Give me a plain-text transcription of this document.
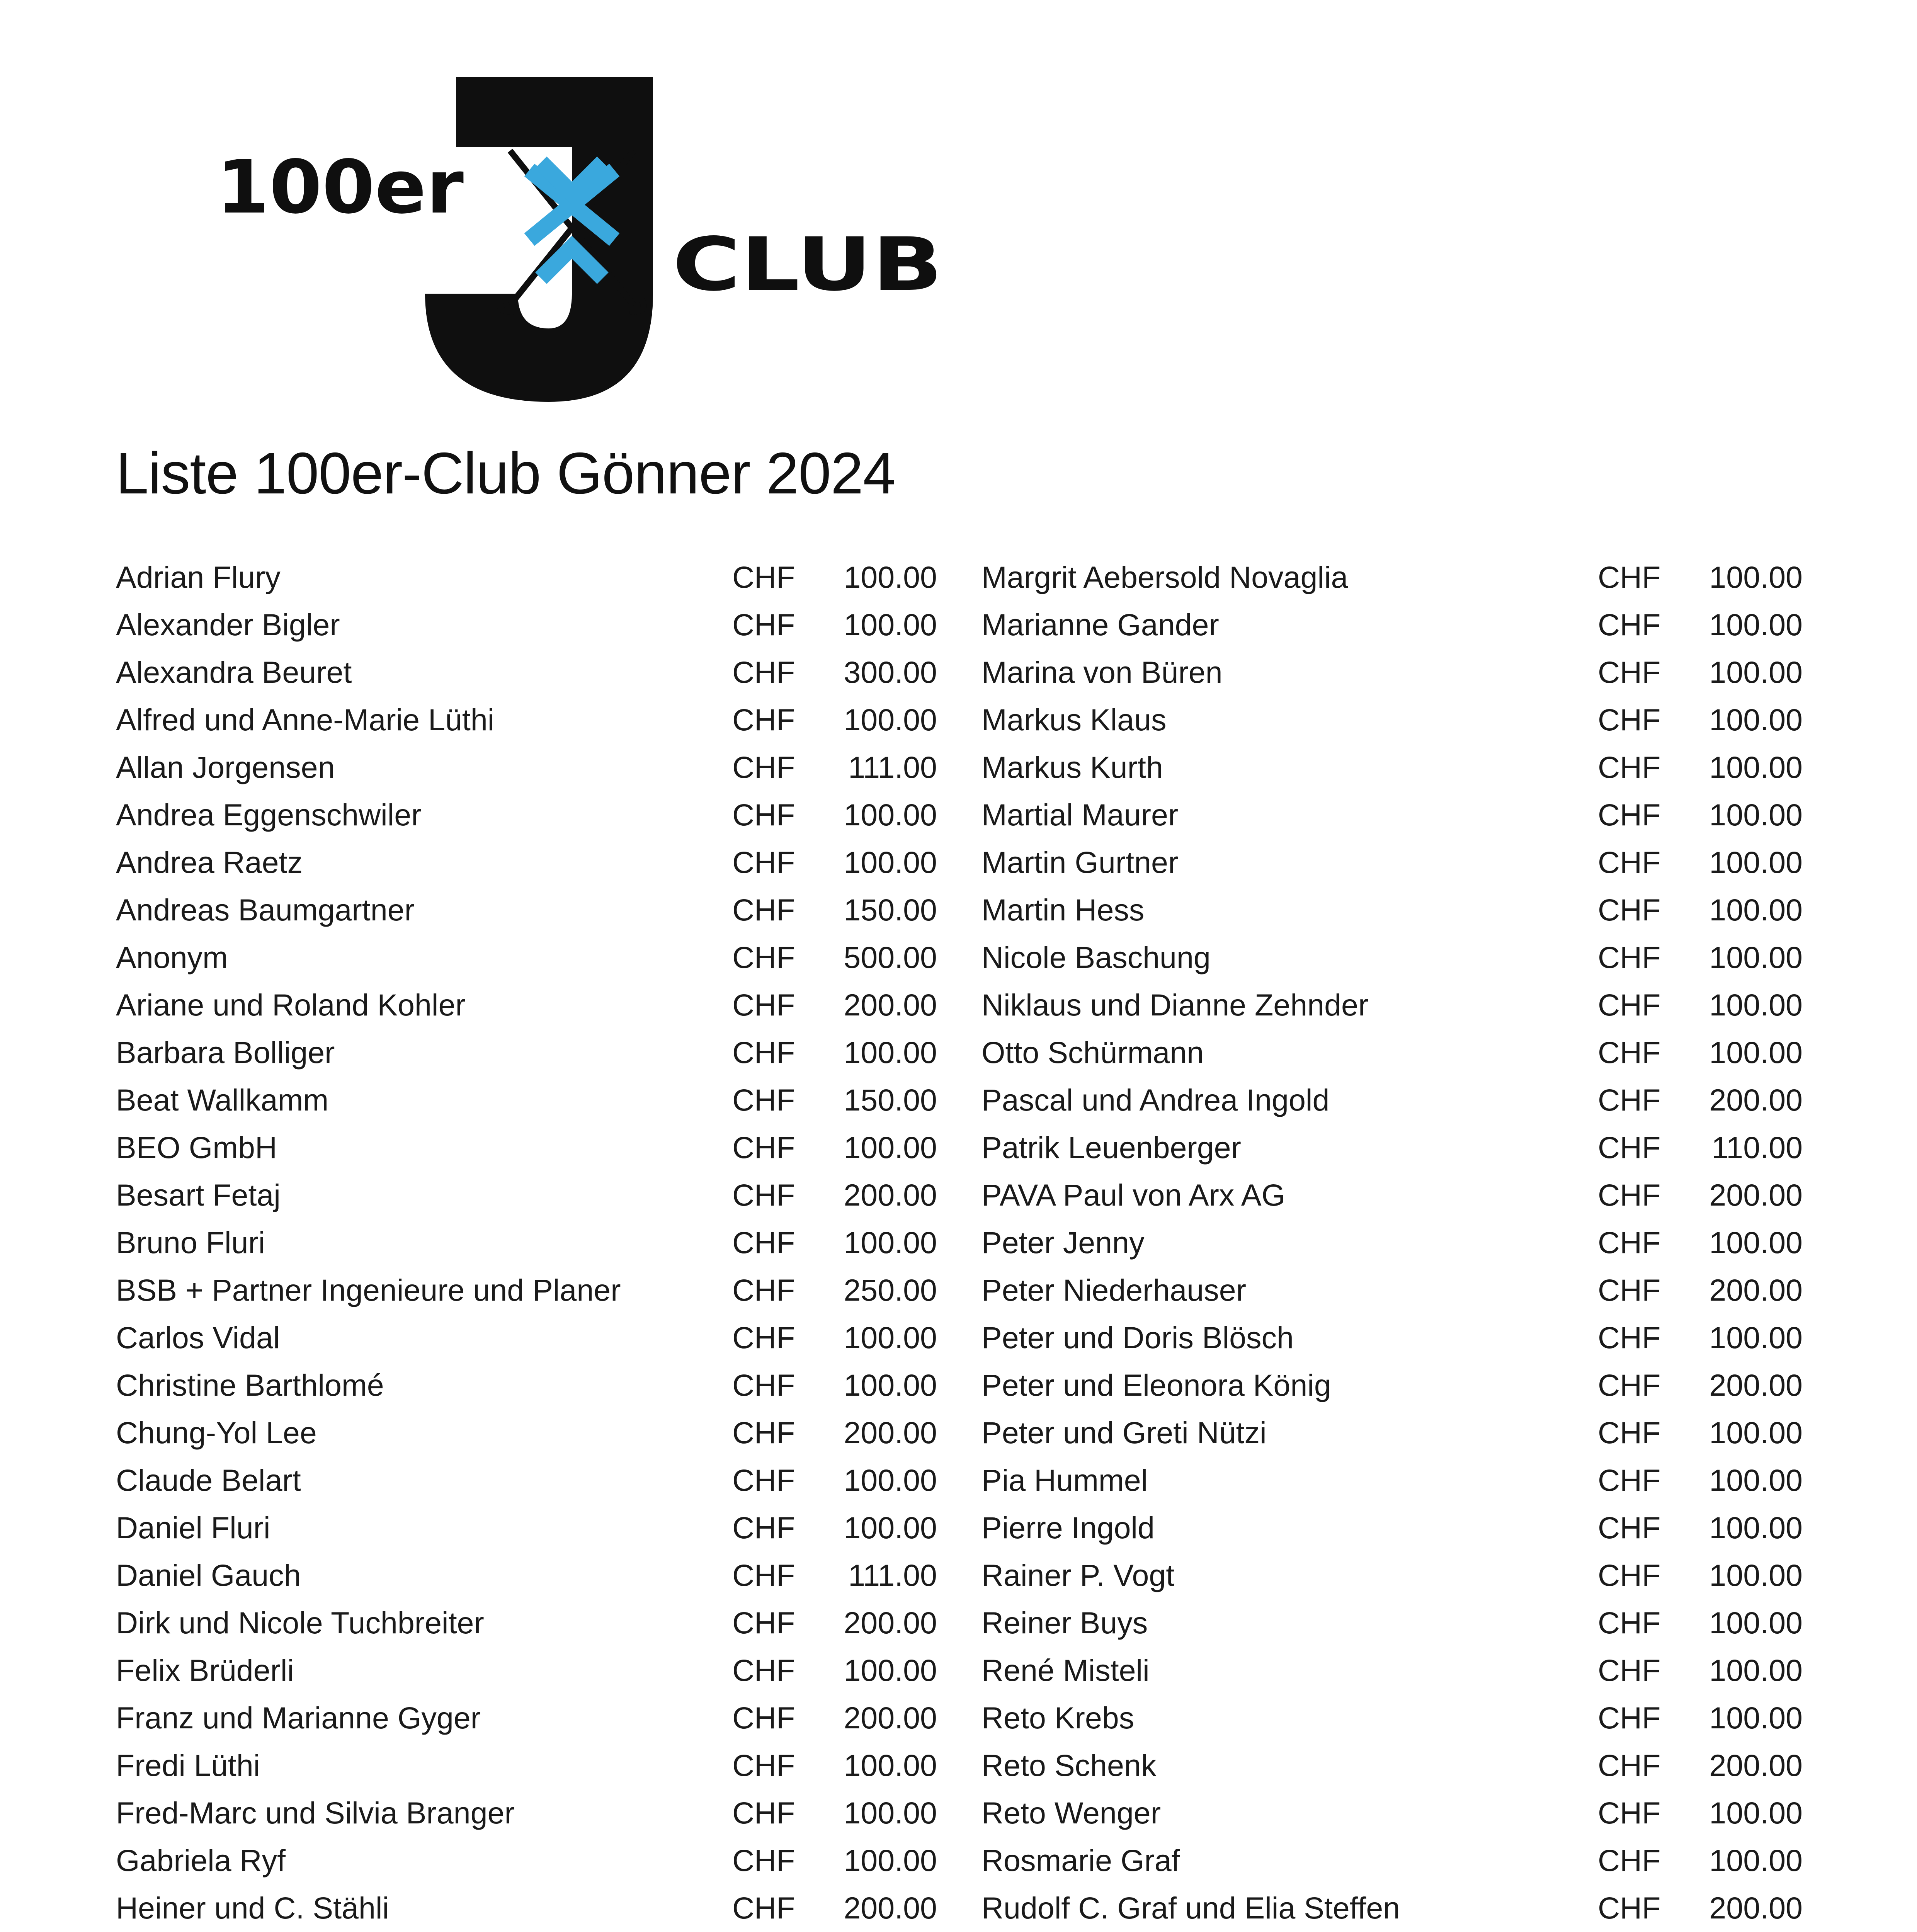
100er
CLUB
Liste 100er-Club Gönner 2024
Adrian Flury	CHF	100.00
Alexander Bigler	CHF	100.00
Alexandra Beuret	CHF	300.00
Alfred und Anne-Marie Lüthi	CHF	100.00
Allan Jorgensen	CHF	111.00
Andrea Eggenschwiler	CHF	100.00
Andrea Raetz	CHF	100.00
Andreas Baumgartner	CHF	150.00
Anonym	CHF	500.00
Ariane und Roland Kohler	CHF	200.00
Barbara Bolliger	CHF	100.00
Beat Wallkamm	CHF	150.00
BEO GmbH	CHF	100.00
Besart Fetaj	CHF	200.00
Bruno Fluri	CHF	100.00
BSB + Partner Ingenieure und Planer	CHF	250.00
Carlos Vidal	CHF	100.00
Christine Barthlomé	CHF	100.00
Chung-Yol Lee	CHF	200.00
Claude Belart	CHF	100.00
Daniel Fluri	CHF	100.00
Daniel Gauch	CHF	111.00
Dirk und Nicole Tuchbreiter	CHF	200.00
Felix Brüderli	CHF	100.00
Franz und Marianne Gyger	CHF	200.00
Fredi Lüthi	CHF	100.00
Fred-Marc und Silvia Branger	CHF	100.00
Gabriela Ryf	CHF	100.00
Heiner und C. Stähli	CHF	200.00
Margrit Aebersold Novaglia	CHF	100.00
Marianne Gander	CHF	100.00
Marina von Büren	CHF	100.00
Markus Klaus	CHF	100.00
Markus Kurth	CHF	100.00
Martial Maurer	CHF	100.00
Martin Gurtner	CHF	100.00
Martin Hess	CHF	100.00
Nicole Baschung	CHF	100.00
Niklaus und Dianne Zehnder	CHF	100.00
Otto Schürmann	CHF	100.00
Pascal und Andrea Ingold	CHF	200.00
Patrik Leuenberger	CHF	110.00
PAVA Paul von Arx AG	CHF	200.00
Peter Jenny	CHF	100.00
Peter Niederhauser	CHF	200.00
Peter und Doris Blösch	CHF	100.00
Peter und Eleonora König	CHF	200.00
Peter und Greti Nützi	CHF	100.00
Pia Hummel	CHF	100.00
Pierre Ingold	CHF	100.00
Rainer P. Vogt	CHF	100.00
Reiner Buys	CHF	100.00
René Misteli	CHF	100.00
Reto Krebs	CHF	100.00
Reto Schenk	CHF	200.00
Reto Wenger	CHF	100.00
Rosmarie Graf	CHF	100.00
Rudolf C. Graf und Elia Steffen	CHF	200.00
